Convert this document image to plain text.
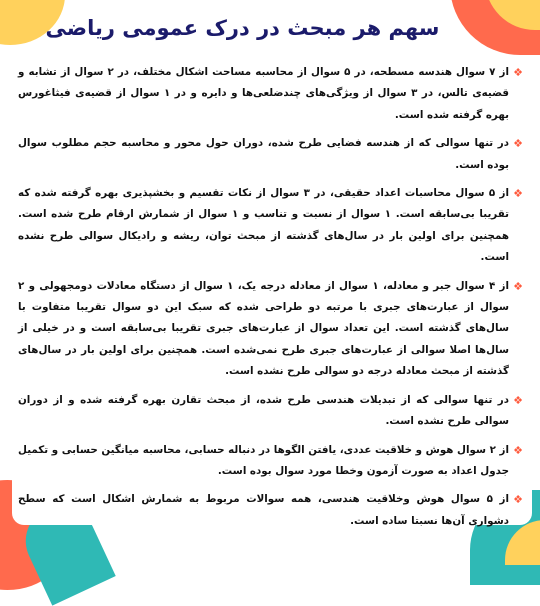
سهم هر مبحث در درک عمومی ریاضی
❖
از ۷ سوال هندسه مسطحه، در ۵ سوال از محاسبه مساحت اشکال مختلف، در ۲ سوال از تشابه و قضیه‌ی تالس، در ۳ سوال از ویژگی‌های چندضلعی‌ها و دایره و در ۱ سوال از قضیه‌ی فیثاغورس بهره گرفته شده است.
❖
در تنها سوالی که از هندسه فضایی طرح شده، دوران حول محور و محاسبه حجم مطلوب سوال بوده است.
❖
از ۵ سوال محاسبات اعداد حقیقی، در ۳ سوال از نکات تقسیم و بخشپذیری بهره گرفته شده که تقریبا بی‌سابقه است. ۱ سوال از نسبت و تناسب و ۱ سوال از شمارش ارقام طرح شده است. همچنین برای اولین بار در سال‌های گذشته از مبحث توان، ریشه و رادیکال سوالی طرح نشده است.
❖
از ۴ سوال جبر و معادله، ۱ سوال از معادله درجه یک، ۱ سوال از دستگاه معادلات دومجهولی و ۲ سوال از عبارت‌های جبری با مرتبه دو طراحی شده که سبک این دو سوال تقریبا متفاوت با سال‌های گذشته است. این تعداد سوال از عبارت‌های جبری تقریبا بی‌سابقه است و در خیلی از سال‌ها اصلا سوالی از عبارت‌های جبری طرح نمی‌شده است. همچنین برای اولین بار در سال‌های گذشته از مبحث معادله درجه دو سوالی طرح نشده است.
❖
در تنها سوالی که از تبدیلات هندسی طرح شده، از مبحث تقارن بهره گرفته شده و از دوران سوالی طرح نشده است.
❖
از ۲ سوال هوش و خلاقیت عددی، یافتن الگوها در دنباله حسابی، محاسبه میانگین حسابی و تکمیل جدول اعداد به صورت آزمون وخطا مورد سوال بوده است.
❖
از ۵ سوال هوش وخلاقیت هندسی، همه سوالات مربوط به شمارش اشکال است که سطح دشواری آن‌ها نسبتا ساده است.
